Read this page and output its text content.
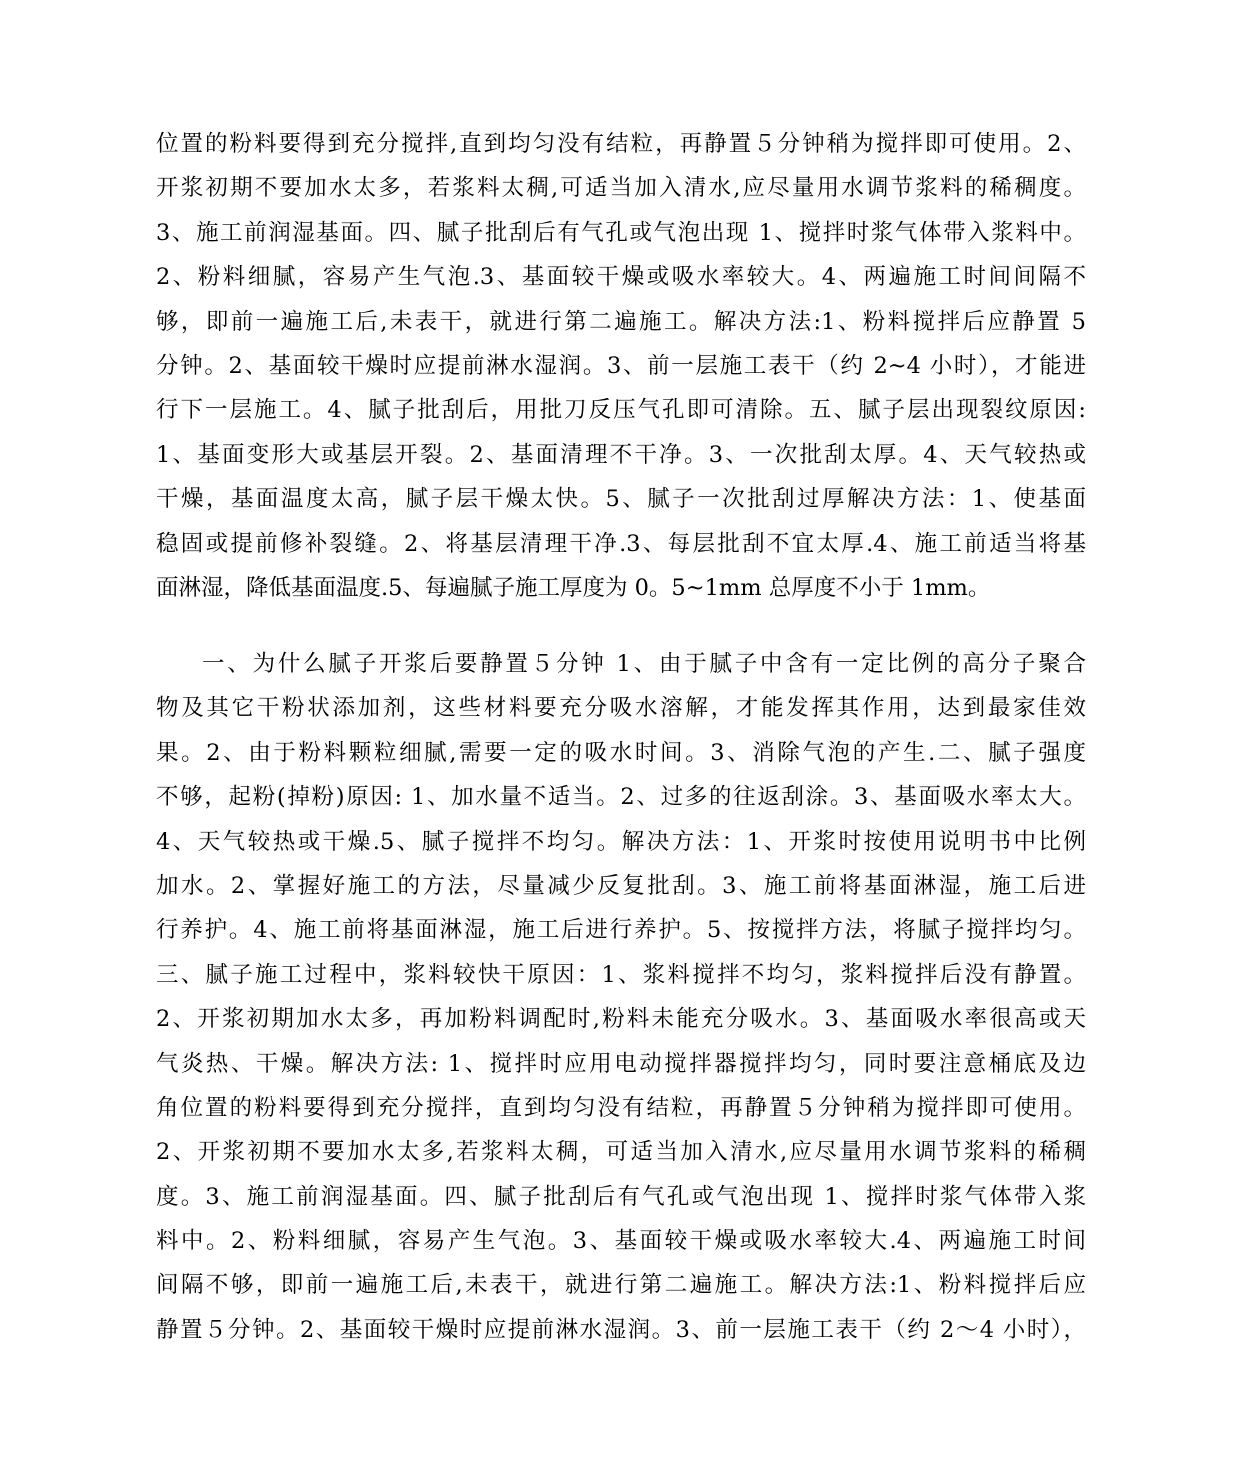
位置的粉料要得到充分搅拌,直到均匀没有结粒，再静置５分钟稍为搅拌即可使用。2、
开浆初期不要加水太多，若浆料太稠,可适当加入清水,应尽量用水调节浆料的稀稠度。
3、施工前润湿基面。四、腻子批刮后有气孔或气泡出现 1、搅拌时浆气体带入浆料中。
2、粉料细腻，容易产生气泡.3、基面较干燥或吸水率较大。4、两遍施工时间间隔不
够，即前一遍施工后,未表干，就进行第二遍施工。解决方法:1、粉料搅拌后应静置 5
分钟。2、基面较干燥时应提前淋水湿润。3、前一层施工表干（约 2~4 小时），才能进
行下一层施工。4、腻子批刮后，用批刀反压气孔即可清除。五、腻子层出现裂纹原因:
1、基面变形大或基层开裂。2、基面清理不干净。3、一次批刮太厚。4、天气较热或
干燥，基面温度太高，腻子层干燥太快。5、腻子一次批刮过厚解决方法：1、使基面
稳固或提前修补裂缝。2、将基层清理干净.3、每层批刮不宜太厚.4、施工前适当将基
面淋湿，降低基面温度.5、每遍腻子施工厚度为 0。5~1mm 总厚度不小于 1mm。
一、为什么腻子开浆后要静置５分钟 1、由于腻子中含有一定比例的高分子聚合
物及其它干粉状添加剂，这些材料要充分吸水溶解，才能发挥其作用，达到最家佳效
果。2、由于粉料颗粒细腻,需要一定的吸水时间。3、消除气泡的产生.二、腻子强度
不够，起粉(掉粉)原因: 1、加水量不适当。2、过多的往返刮涂。3、基面吸水率太大。
4、天气较热或干燥.5、腻子搅拌不均匀。解决方法：1、开浆时按使用说明书中比例
加水。2、掌握好施工的方法，尽量减少反复批刮。3、施工前将基面淋湿，施工后进
行养护。4、施工前将基面淋湿，施工后进行养护。5、按搅拌方法，将腻子搅拌均匀。
三、腻子施工过程中，浆料较快干原因：1、浆料搅拌不均匀，浆料搅拌后没有静置。
2、开浆初期加水太多，再加粉料调配时,粉料未能充分吸水。3、基面吸水率很高或天
气炎热、干燥。解决方法: 1、搅拌时应用电动搅拌器搅拌均匀，同时要注意桶底及边
角位置的粉料要得到充分搅拌，直到均匀没有结粒，再静置５分钟稍为搅拌即可使用。
2、开浆初期不要加水太多,若浆料太稠，可适当加入清水,应尽量用水调节浆料的稀稠
度。3、施工前润湿基面。四、腻子批刮后有气孔或气泡出现 1、搅拌时浆气体带入浆
料中。2、粉料细腻，容易产生气泡。3、基面较干燥或吸水率较大.4、两遍施工时间
间隔不够，即前一遍施工后,未表干，就进行第二遍施工。解决方法:1、粉料搅拌后应
静置５分钟。2、基面较干燥时应提前淋水湿润。3、前一层施工表干（约 2～4 小时），
